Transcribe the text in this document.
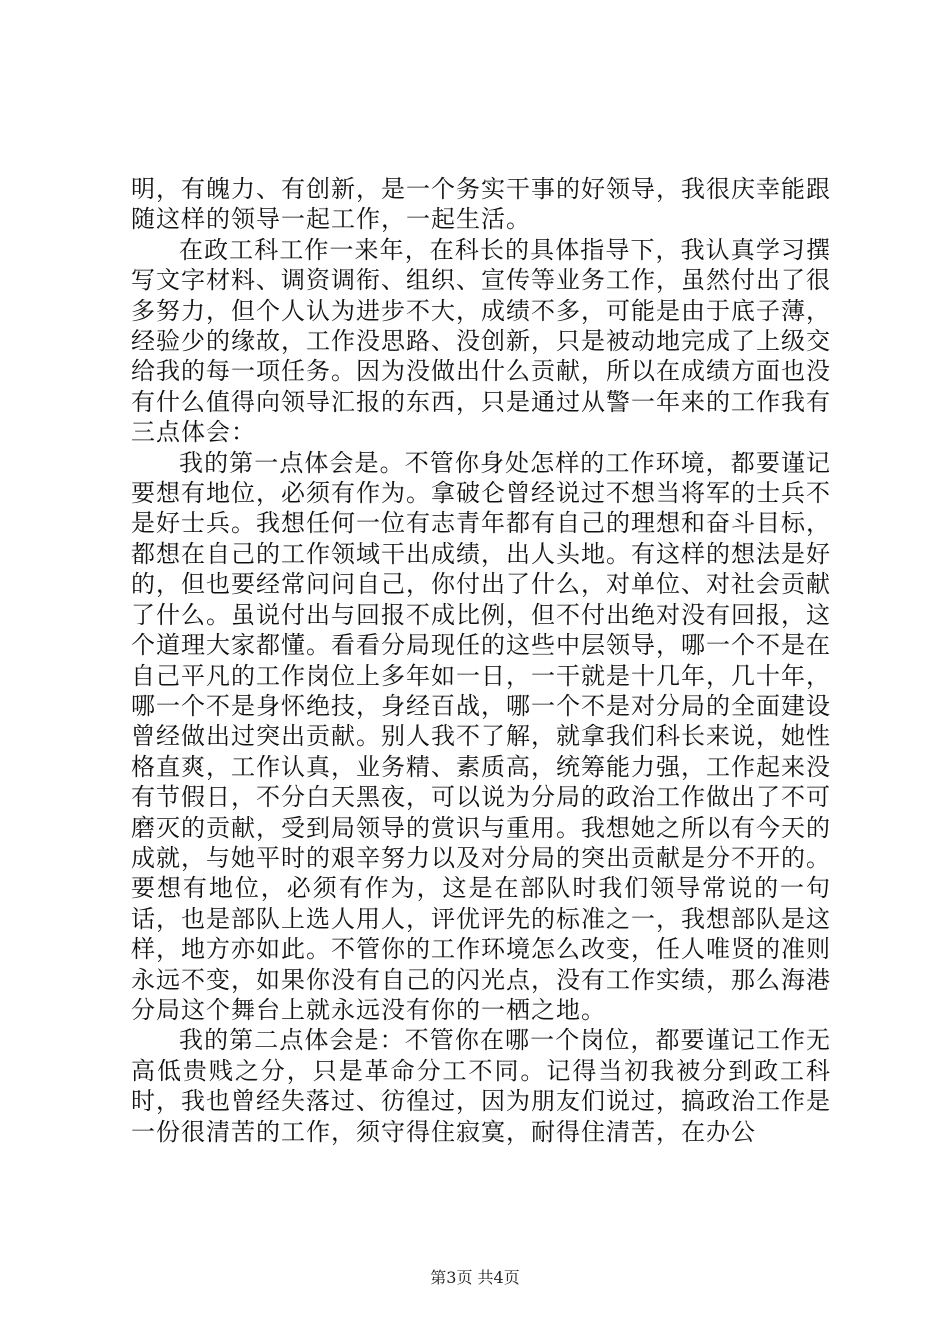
明，有魄力、有创新，是一个务实干事的好领导，我很庆幸能跟随这样的领导一起工作，一起生活。

在政工科工作一来年，在科长的具体指导下，我认真学习撰写文字材料、调资调衔、组织、宣传等业务工作，虽然付出了很多努力，但个人认为进步不大，成绩不多，可能是由于底子薄，经验少的缘故，工作没思路、没创新，只是被动地完成了上级交给我的每一项任务。因为没做出什么贡献，所以在成绩方面也没有什么值得向领导汇报的东西，只是通过从警一年来的工作我有三点体会：

我的第一点体会是。不管你身处怎样的工作环境，都要谨记要想有地位，必须有作为。拿破仑曾经说过不想当将军的士兵不是好士兵。我想任何一位有志青年都有自己的理想和奋斗目标，都想在自己的工作领域干出成绩，出人头地。有这样的想法是好的，但也要经常问问自己，你付出了什么，对单位、对社会贡献了什么。虽说付出与回报不成比例，但不付出绝对没有回报，这个道理大家都懂。看看分局现任的这些中层领导，哪一个不是在自己平凡的工作岗位上多年如一日，一干就是十几年，几十年，哪一个不是身怀绝技，身经百战，哪一个不是对分局的全面建设曾经做出过突出贡献。别人我不了解，就拿我们科长来说，她性格直爽，工作认真，业务精、素质高，统筹能力强，工作起来没有节假日，不分白天黑夜，可以说为分局的政治工作做出了不可磨灭的贡献，受到局领导的赏识与重用。我想她之所以有今天的成就，与她平时的艰辛努力以及对分局的突出贡献是分不开的。要想有地位，必须有作为，这是在部队时我们领导常说的一句话，也是部队上选人用人，评优评先的标准之一，我想部队是这样，地方亦如此。不管你的工作环境怎么改变，任人唯贤的准则永远不变，如果你没有自己的闪光点，没有工作实绩，那么海港分局这个舞台上就永远没有你的一栖之地。

我的第二点体会是：不管你在哪一个岗位，都要谨记工作无高低贵贱之分，只是革命分工不同。记得当初我被分到政工科时，我也曾经失落过、彷徨过，因为朋友们说过，搞政治工作是一份很清苦的工作，须守得住寂寞，耐得住清苦，在办公

第3页 共4页
